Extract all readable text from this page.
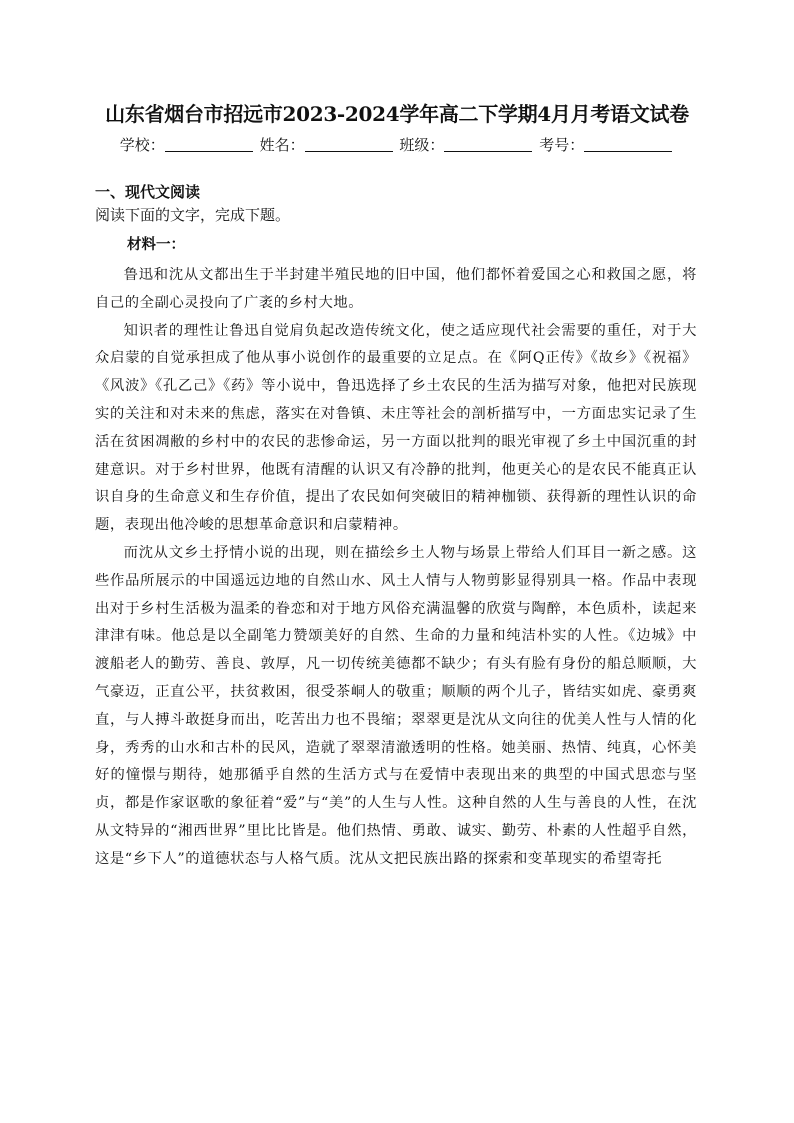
山东省烟台市招远市2023-2024学年高二下学期4月月考语文试卷
学校：	姓名：	班级：	考号：
一、现代文阅读
阅读下面的文字，完成下题。
材料一：

鲁迅和沈从文都出生于半封建半殖民地的旧中国，他们都怀着爱国之心和救国之愿，将自己的全副心灵投向了广袤的乡村大地。

知识者的理性让鲁迅自觉肩负起改造传统文化，使之适应现代社会需要的重任，对于大众启蒙的自觉承担成了他从事小说创作的最重要的立足点。在《阿Q正传》《故乡》《祝福》《风波》《孔乙己》《药》等小说中，鲁迅选择了乡土农民的生活为描写对象，他把对民族现实的关注和对未来的焦虑，落实在对鲁镇、未庄等社会的剖析描写中，一方面忠实记录了生活在贫困凋敝的乡村中的农民的悲惨命运，另一方面以批判的眼光审视了乡土中国沉重的封建意识。对于乡村世界，他既有清醒的认识又有冷静的批判，他更关心的是农民不能真正认识自身的生命意义和生存价值，提出了农民如何突破旧的精神枷锁、获得新的理性认识的命题，表现出他冷峻的思想革命意识和启蒙精神。

而沈从文乡土抒情小说的出现，则在描绘乡土人物与场景上带给人们耳目一新之感。这些作品所展示的中国遥远边地的自然山水、风土人情与人物剪影显得别具一格。作品中表现出对于乡村生活极为温柔的眷恋和对于地方风俗充满温馨的欣赏与陶醉，本色质朴，读起来津津有味。他总是以全副笔力赞颂美好的自然、生命的力量和纯洁朴实的人性。《边城》中渡船老人的勤劳、善良、敦厚，凡一切传统美德都不缺少；有头有脸有身份的船总顺顺，大气豪迈，正直公平，扶贫救困，很受茶峒人的敬重；顺顺的两个儿子，皆结实如虎、豪勇爽直，与人搏斗敢挺身而出，吃苦出力也不畏缩；翠翠更是沈从文向往的优美人性与人情的化身，秀秀的山水和古朴的民风，造就了翠翠清澈透明的性格。她美丽、热情、纯真，心怀美好的憧憬与期待，她那循乎自然的生活方式与在爱情中表现出来的典型的中国式思恋与坚贞，都是作家讴歌的象征着“爱”与“美”的人生与人性。这种自然的人生与善良的人性，在沈从文特异的“湘西世界”里比比皆是。他们热情、勇敢、诚实、勤劳、朴素的人性超乎自然，这是“乡下人”的道德状态与人格气质。沈从文把民族出路的探索和变革现实的希望寄托
